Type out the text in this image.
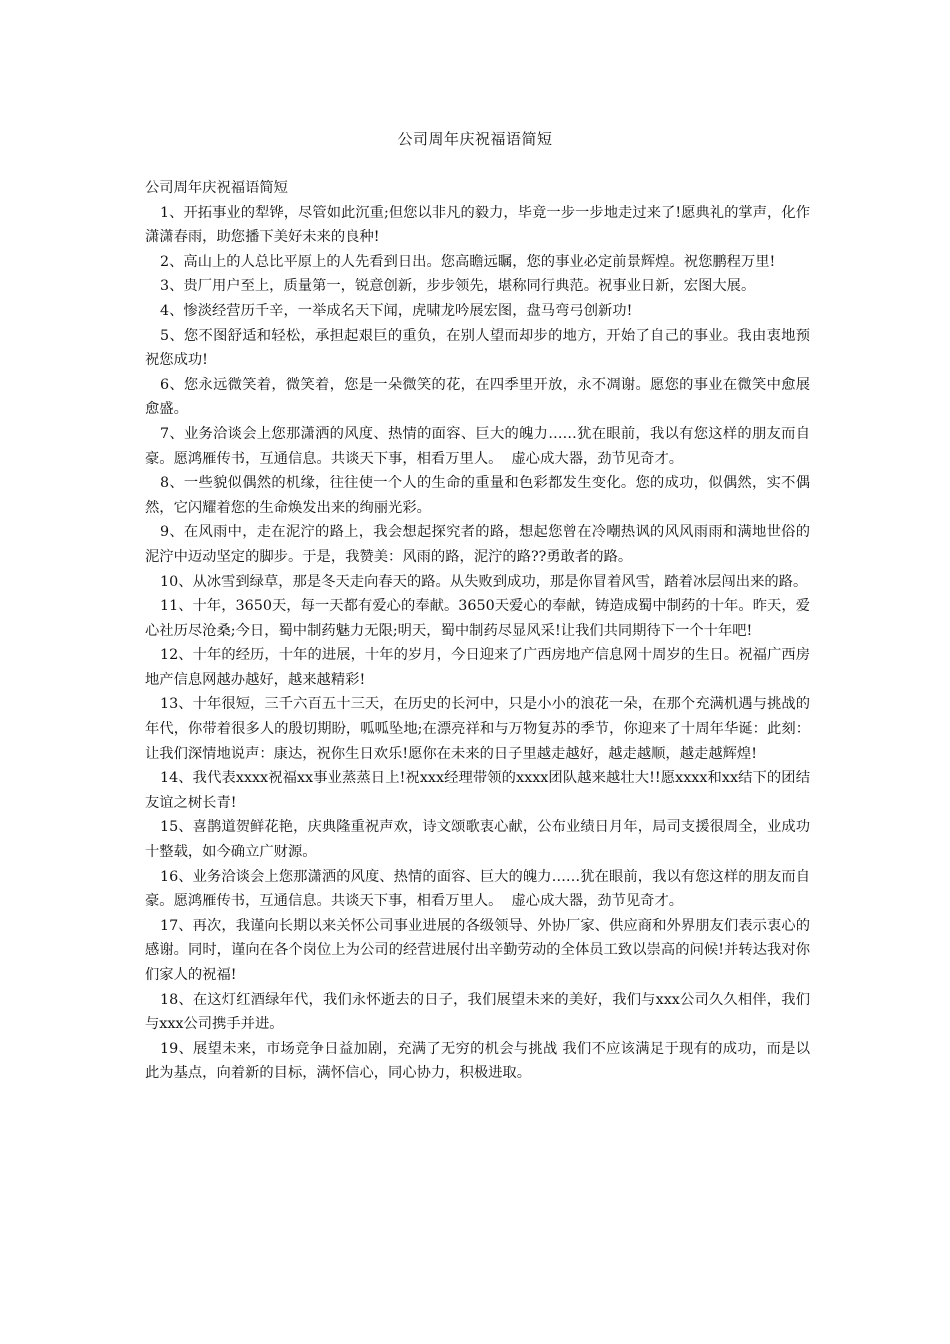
公司周年庆祝福语简短

公司周年庆祝福语简短

1、开拓事业的犁铧，尽管如此沉重;但您以非凡的毅力，毕竟一步一步地走过来了!愿典礼的掌声，化作潇潇春雨，助您播下美好未来的良种!

2、高山上的人总比平原上的人先看到日出。您高瞻远瞩，您的事业必定前景辉煌。祝您鹏程万里!

3、贵厂用户至上，质量第一，锐意创新，步步领先，堪称同行典范。祝事业日新，宏图大展。

4、惨淡经营历千辛，一举成名天下闻，虎啸龙吟展宏图，盘马弯弓创新功!

5、您不图舒适和轻松，承担起艰巨的重负，在别人望而却步的地方，开始了自己的事业。我由衷地预祝您成功!

6、您永远微笑着，微笑着，您是一朵微笑的花，在四季里开放，永不凋谢。愿您的事业在微笑中愈展愈盛。

7、业务洽谈会上您那潇洒的风度、热情的面容、巨大的魄力……犹在眼前，我以有您这样的朋友而自豪。愿鸿雁传书，互通信息。共谈天下事，相看万里人。  虚心成大器，劲节见奇才。

8、一些貌似偶然的机缘，往往使一个人的生命的重量和色彩都发生变化。您的成功，似偶然，实不偶然，它闪耀着您的生命焕发出来的绚丽光彩。

9、在风雨中，走在泥泞的路上，我会想起探究者的路，想起您曾在冷嘲热讽的风风雨雨和满地世俗的泥泞中迈动坚定的脚步。于是，我赞美：风雨的路，泥泞的路??勇敢者的路。

10、从冰雪到绿草，那是冬天走向春天的路。从失败到成功，那是你冒着风雪，踏着冰层闯出来的路。

11、十年，3650天，每一天都有爱心的奉献。3650天爱心的奉献，铸造成蜀中制药的十年。昨天，爱心社历尽沧桑;今日，蜀中制药魅力无限;明天，蜀中制药尽显风采!让我们共同期待下一个十年吧!

12、十年的经历，十年的进展，十年的岁月，今日迎来了广西房地产信息网十周岁的生日。祝福广西房地产信息网越办越好，越来越精彩!

13、十年很短，三千六百五十三天，在历史的长河中，只是小小的浪花一朵，在那个充满机遇与挑战的年代，你带着很多人的殷切期盼，呱呱坠地;在漂亮祥和与万物复苏的季节，你迎来了十周年华诞：此刻：让我们深情地说声：康达，祝你生日欢乐!愿你在未来的日子里越走越好，越走越顺，越走越辉煌!

14、我代表xxxx祝福xx事业蒸蒸日上!祝xxx经理带领的xxxx团队越来越壮大!!愿xxxx和xx结下的团结友谊之树长青!

15、喜鹊道贺鲜花艳，庆典隆重祝声欢，诗文颂歌衷心献，公布业绩日月年，局司支援很周全，业成功十整载，如今确立广财源。

16、业务洽谈会上您那潇洒的风度、热情的面容、巨大的魄力……犹在眼前，我以有您这样的朋友而自豪。愿鸿雁传书，互通信息。共谈天下事，相看万里人。  虚心成大器，劲节见奇才。

17、再次，我谨向长期以来关怀公司事业进展的各级领导、外协厂家、供应商和外界朋友们表示衷心的感谢。同时，谨向在各个岗位上为公司的经营进展付出辛勤劳动的全体员工致以崇高的问候!并转达我对你们家人的祝福!

18、在这灯红酒绿年代，我们永怀逝去的日子，我们展望未来的美好，我们与xxx公司久久相伴，我们与xxx公司携手并进。

19、展望未来，市场竞争日益加剧，充满了无穷的机会与挑战 我们不应该满足于现有的成功，而是以此为基点，向着新的目标，满怀信心，同心协力，积极进取。
